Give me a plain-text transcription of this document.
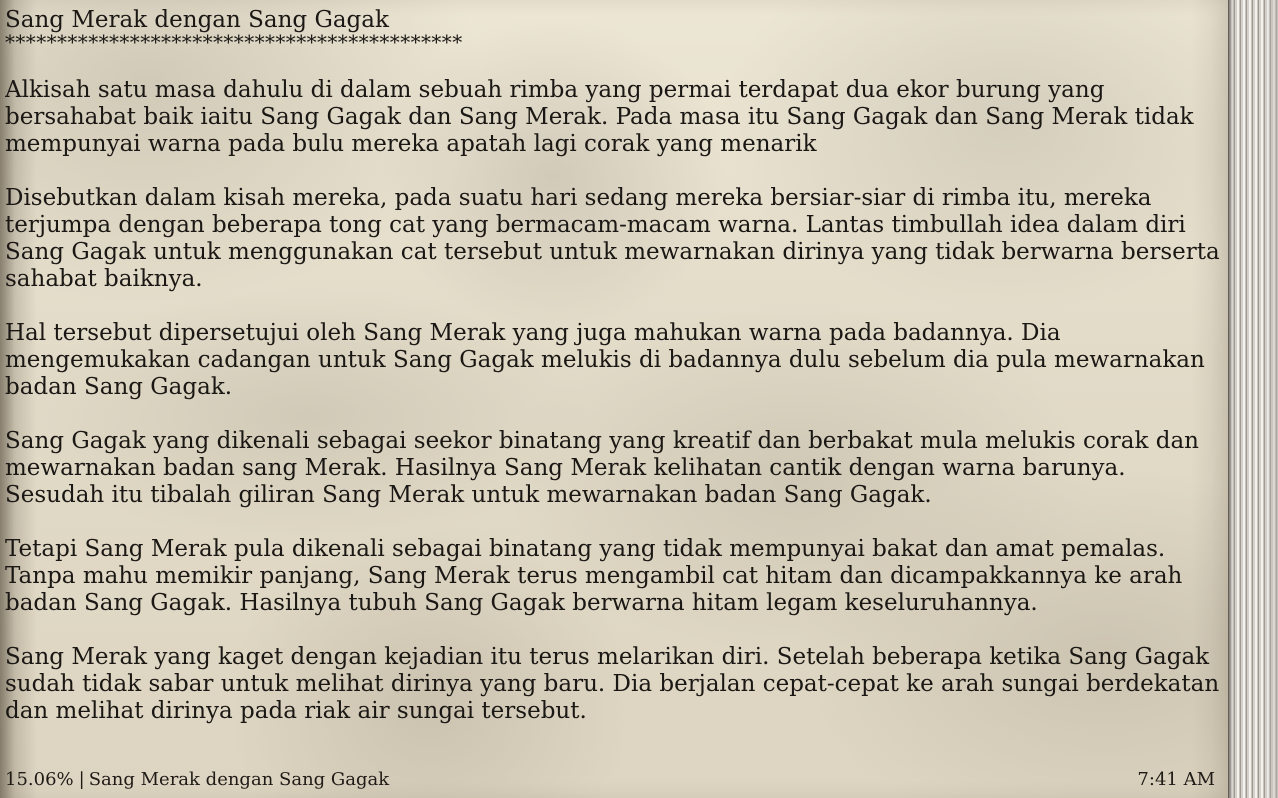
Sang Merak dengan Sang Gagak
********************************************

Alkisah satu masa dahulu di dalam sebuah rimba yang permai terdapat dua ekor burung yang bersahabat baik iaitu Sang Gagak dan Sang Merak. Pada masa itu Sang Gagak dan Sang Merak tidak mempunyai warna pada bulu mereka apatah lagi corak yang menarik

Disebutkan dalam kisah mereka, pada suatu hari sedang mereka bersiar-siar di rimba itu, mereka terjumpa dengan beberapa tong cat yang bermacam-macam warna. Lantas timbullah idea dalam diri Sang Gagak untuk menggunakan cat tersebut untuk mewarnakan dirinya yang tidak berwarna berserta sahabat baiknya.

Hal tersebut dipersetujui oleh Sang Merak yang juga mahukan warna pada badannya. Dia mengemukakan cadangan untuk Sang Gagak melukis di badannya dulu sebelum dia pula mewarnakan badan Sang Gagak.

Sang Gagak yang dikenali sebagai seekor binatang yang kreatif dan berbakat mula melukis corak dan mewarnakan badan sang Merak. Hasilnya Sang Merak kelihatan cantik dengan warna barunya. Sesudah itu tibalah giliran Sang Merak untuk mewarnakan badan Sang Gagak.

Tetapi Sang Merak pula dikenali sebagai binatang yang tidak mempunyai bakat dan amat pemalas. Tanpa mahu memikir panjang, Sang Merak terus mengambil cat hitam dan dicampakkannya ke arah badan Sang Gagak. Hasilnya tubuh Sang Gagak berwarna hitam legam keseluruhannya.

Sang Merak yang kaget dengan kejadian itu terus melarikan diri. Setelah beberapa ketika Sang Gagak sudah tidak sabar untuk melihat dirinya yang baru. Dia berjalan cepat-cepat ke arah sungai berdekatan dan melihat dirinya pada riak air sungai tersebut.

15.06% | Sang Merak dengan Sang Gagak	7:41 AM
